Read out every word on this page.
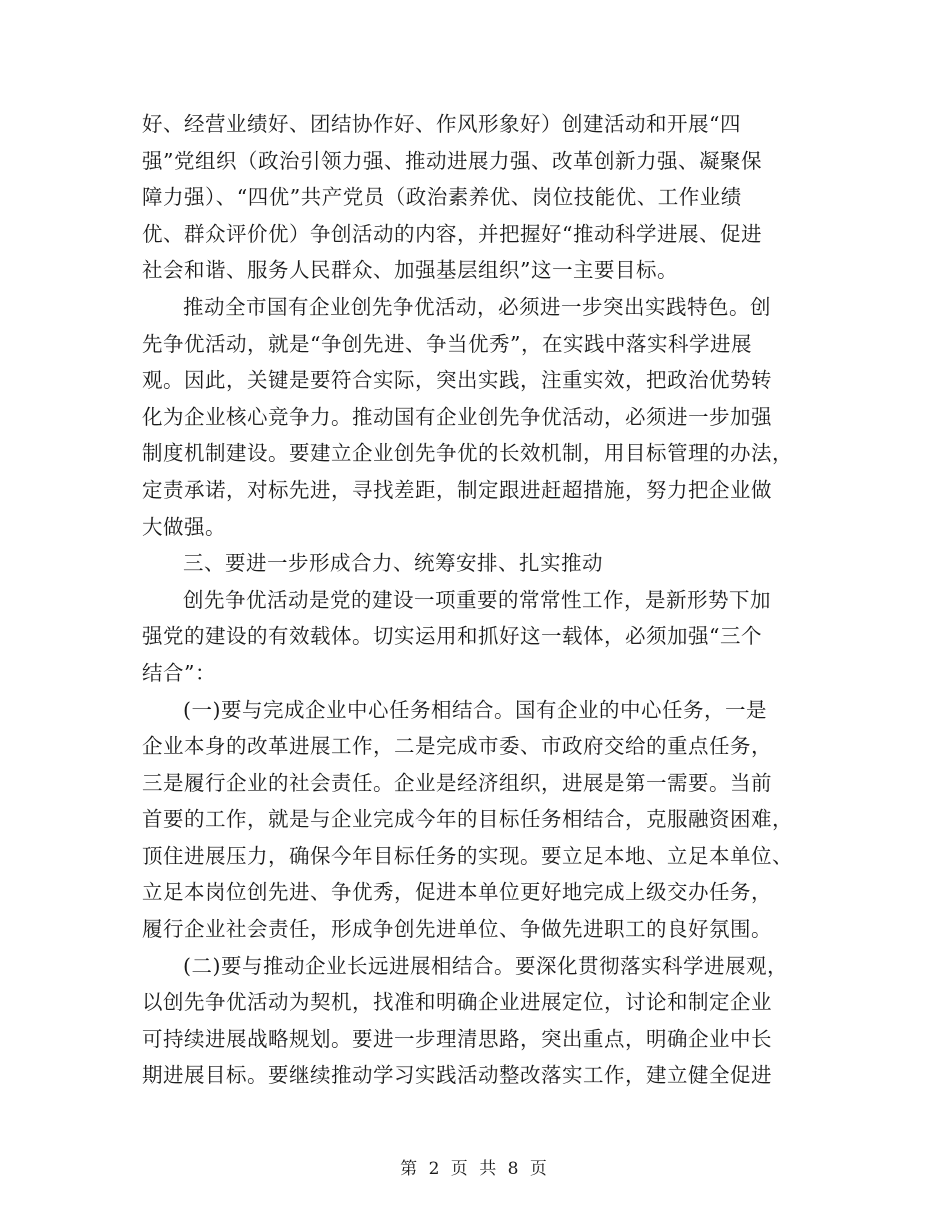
好、经营业绩好、团结协作好、作风形象好）创建活动和开展“四
强”党组织（政治引领力强、推动进展力强、改革创新力强、凝聚保
障力强）、“四优”共产党员（政治素养优、岗位技能优、工作业绩
优、群众评价优）争创活动的内容，并把握好“推动科学进展、促进
社会和谐、服务人民群众、加强基层组织”这一主要目标。
推动全市国有企业创先争优活动，必须进一步突出实践特色。创
先争优活动，就是“争创先进、争当优秀”，在实践中落实科学进展
观。因此，关键是要符合实际，突出实践，注重实效，把政治优势转
化为企业核心竞争力。推动国有企业创先争优活动，必须进一步加强
制度机制建设。要建立企业创先争优的长效机制，用目标管理的办法，
定责承诺，对标先进，寻找差距，制定跟进赶超措施，努力把企业做
大做强。
三、要进一步形成合力、统筹安排、扎实推动
创先争优活动是党的建设一项重要的常常性工作，是新形势下加
强党的建设的有效载体。切实运用和抓好这一载体，必须加强“三个
结合”：
(一)要与完成企业中心任务相结合。国有企业的中心任务，一是
企业本身的改革进展工作，二是完成市委、市政府交给的重点任务，
三是履行企业的社会责任。企业是经济组织，进展是第一需要。当前
首要的工作，就是与企业完成今年的目标任务相结合，克服融资困难，
顶住进展压力，确保今年目标任务的实现。要立足本地、立足本单位、
立足本岗位创先进、争优秀，促进本单位更好地完成上级交办任务，
履行企业社会责任，形成争创先进单位、争做先进职工的良好氛围。
(二)要与推动企业长远进展相结合。要深化贯彻落实科学进展观，
以创先争优活动为契机，找准和明确企业进展定位，讨论和制定企业
可持续进展战略规划。要进一步理清思路，突出重点，明确企业中长
期进展目标。要继续推动学习实践活动整改落实工作，建立健全促进
第 2 页 共 8 页
